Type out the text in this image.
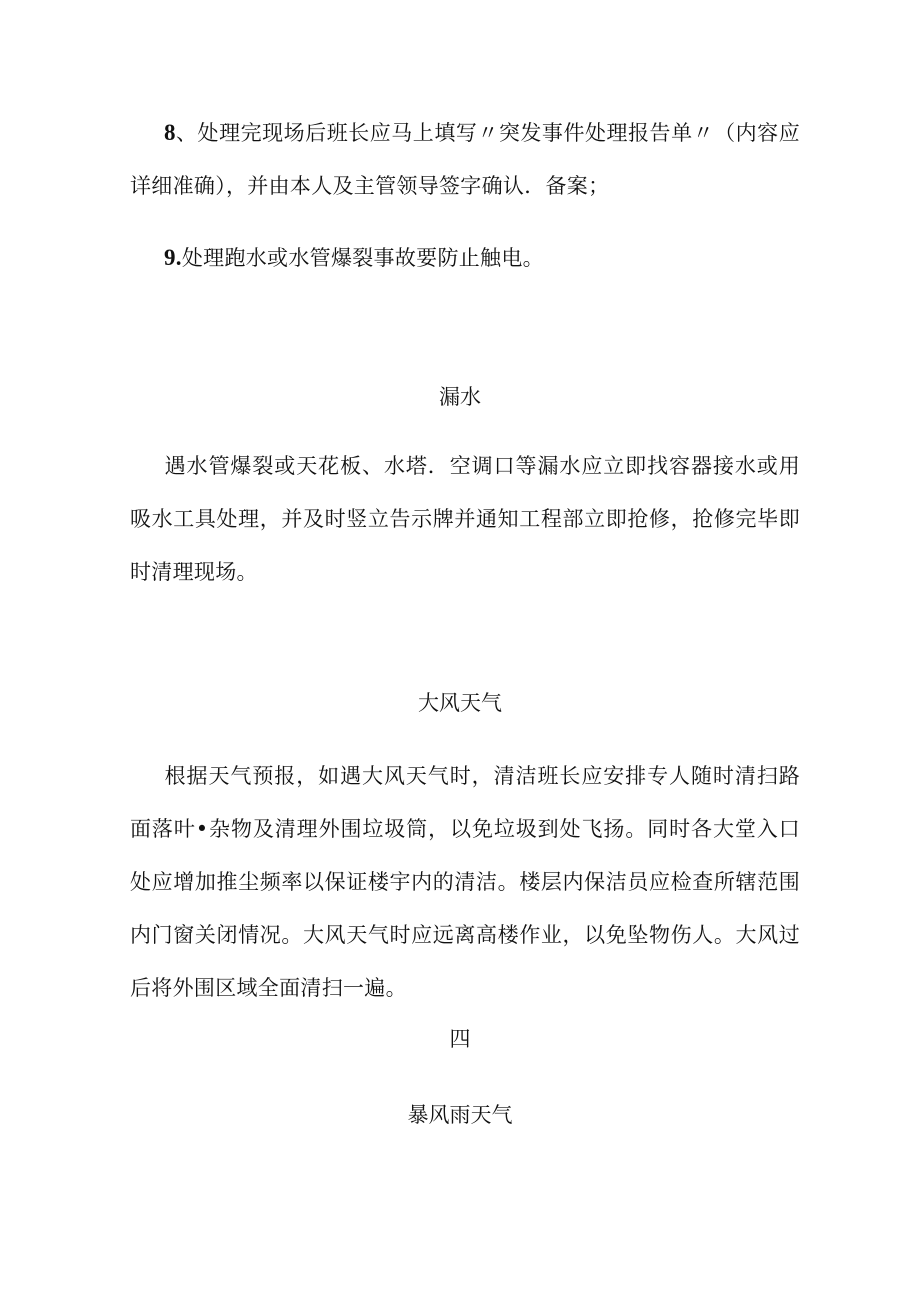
8、处理完现场后班长应马上填写〃突发事件处理报告单〃（内容应详细准确），并由本人及主管领导签字确认．备案；

9.处理跑水或水管爆裂事故要防止触电。

漏水

遇水管爆裂或天花板、水塔．空调口等漏水应立即找容器接水或用吸水工具处理，并及时竖立告示牌并通知工程部立即抢修，抢修完毕即时清理现场。

大风天气

根据天气预报，如遇大风天气时，清洁班长应安排专人随时清扫路面落叶•杂物及清理外围垃圾筒，以免垃圾到处飞扬。同时各大堂入口处应增加推尘频率以保证楼宇内的清洁。楼层内保洁员应检查所辖范围内门窗关闭情况。大风天气时应远离高楼作业，以免坠物伤人。大风过后将外围区域全面清扫一遍。

四
暴风雨天气
